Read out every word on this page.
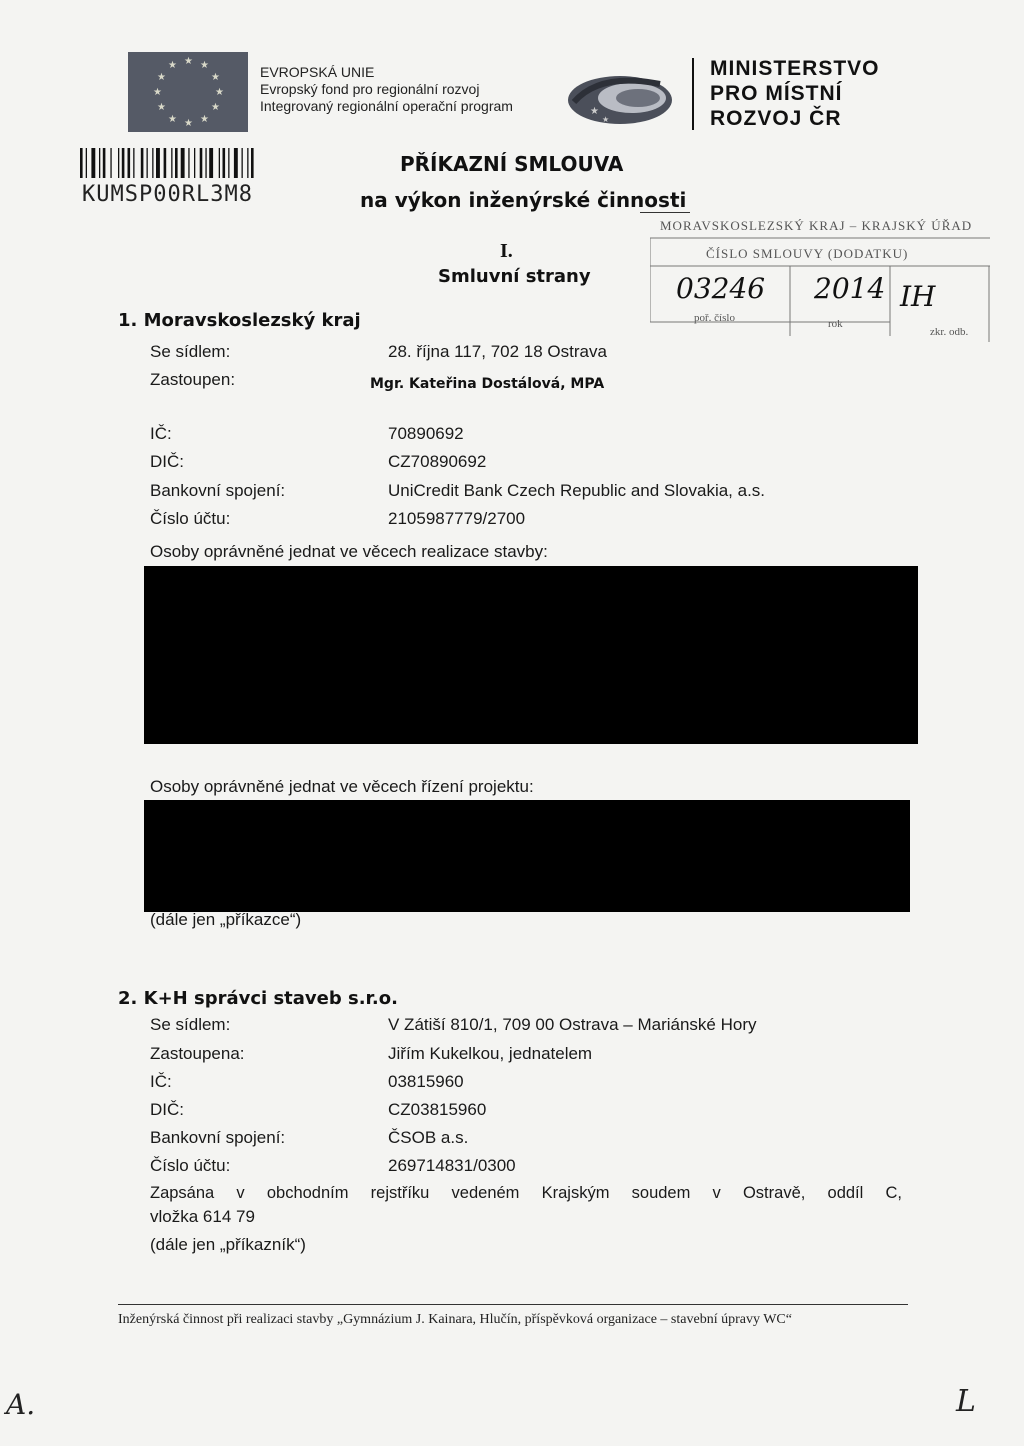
★ ★
★
★
★
★
★
★
★
★
★
★	EVROPSKÁ UNIE
Evropský fond pro regionální rozvoj
Integrovaný regionální operační program	★
★
MINISTERSTVO
PRO MÍSTNÍ
ROZVOJ ČR
KUMSP00RL3M8
PŘÍKAZNÍ SMLOUVA
na výkon inženýrské činnosti
I.
Smluvní strany
MORAVSKOSLEZSKÝ KRAJ – KRAJSKÝ ÚŘAD
ČÍSLO SMLOUVY (DODATKU)
03246
poř. číslo
2014
rok
IH
zkr. odb.
1. Moravskoslezský kraj
Se sídlem:	28. října 117, 702 18 Ostrava
Zastoupen:	Mgr. Kateřina Dostálová, MPA
IČ:	70890692
DIČ:	CZ70890692
Bankovní spojení:	UniCredit Bank Czech Republic and Slovakia, a.s.
Číslo účtu:	2105987779/2700
Osoby oprávněné jednat ve věcech realizace stavby:
Osoby oprávněné jednat ve věcech řízení projektu:
(dále jen „příkazce“)
2. K+H správci staveb s.r.o.
Se sídlem:	V Zátiší 810/1, 709 00 Ostrava – Mariánské Hory
Zastoupena:	Jiřím Kukelkou, jednatelem
IČ:	03815960
DIČ:	CZ03815960
Bankovní spojení:	ČSOB a.s.
Číslo účtu:	269714831/0300
Zapsána v obchodním rejstříku vedeném Krajským soudem v Ostravě, oddíl C,
vložka 614 79
(dále jen „příkazník“)
Inženýrská činnost při realizaci stavby „Gymnázium J. Kainara, Hlučín, příspěvková organizace – stavební úpravy WC“
A.	L
